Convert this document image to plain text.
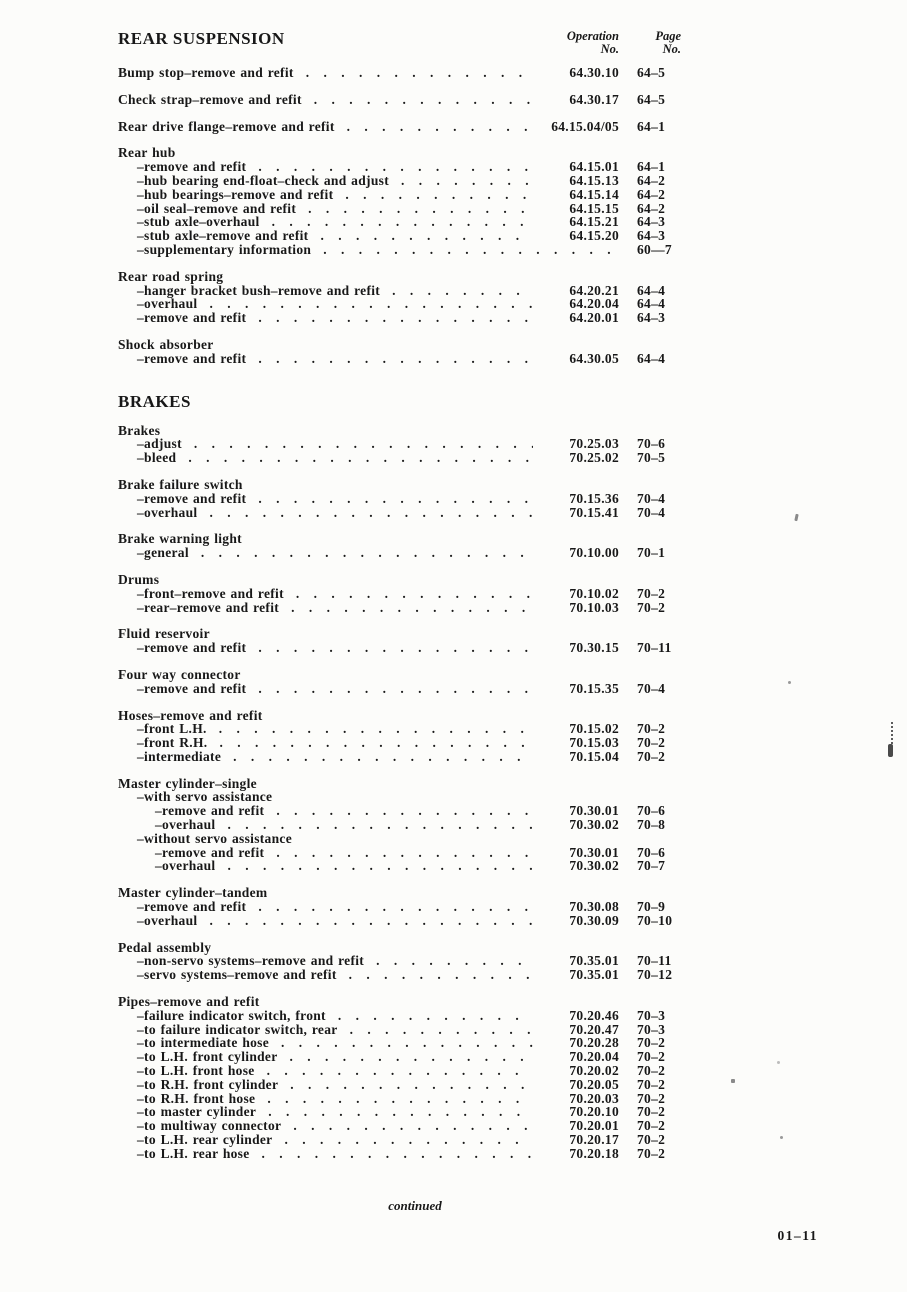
REAR SUSPENSION	Operation
No.
Page
No.
Bump stop–remove and refit . . .	64.30.10 64–5
Check strap–remove and refit . . .	64.30.17 64–5
Rear drive flange–remove and refit . . .	64.15.04/05 64–1
Rear hub
–remove and refit . . .	64.15.01 64–1
–hub bearing end-float–check and adjust . . .	64.15.13 64–2
–hub bearings–remove and refit . . .	64.15.14 64–2
–oil seal–remove and refit . . .	64.15.15 64–2
–stub axle–overhaul . . .	64.15.21 64–3
–stub axle–remove and refit . . .	64.15.20 64–3
–supplementary information . . .	60—7
Rear road spring
–hanger bracket bush–remove and refit . . .	64.20.21 64–4
–overhaul . . .	64.20.04 64–4
–remove and refit . . .	64.20.01 64–3
Shock absorber
–remove and refit . . .	64.30.05 64–4
BRAKES
Brakes
–adjust . . .	70.25.03 70–6
–bleed . . .	70.25.02 70–5
Brake failure switch
–remove and refit . . .	70.15.36 70–4
–overhaul . . .	70.15.41 70–4
Brake warning light
–general . . .	70.10.00 70–1
Drums
–front–remove and refit . . .	70.10.02 70–2
–rear–remove and refit . . .	70.10.03 70–2
Fluid reservoir
–remove and refit . . .	70.30.15 70–11
Four way connector
–remove and refit . . .	70.15.35 70–4
Hoses–remove and refit
–front L.H. . . .	70.15.02 70–2
–front R.H. . . .	70.15.03 70–2
–intermediate . . .	70.15.04 70–2
Master cylinder–single
–with servo assistance
–remove and refit . . .	70.30.01 70–6
–overhaul . . .	70.30.02 70–8
–without servo assistance
–remove and refit . . .	70.30.01 70–6
–overhaul . . .	70.30.02 70–7
Master cylinder–tandem
–remove and refit . . .	70.30.08 70–9
–overhaul . . .	70.30.09 70–10
Pedal assembly
–non-servo systems–remove and refit . . .	70.35.01 70–11
–servo systems–remove and refit . . .	70.35.01 70–12
Pipes–remove and refit
–failure indicator switch, front . . .	70.20.46 70–3
–to failure indicator switch, rear . . .	70.20.47 70–3
–to intermediate hose . . .	70.20.28 70–2
–to L.H. front cylinder . . .	70.20.04 70–2
–to L.H. front hose . . .	70.20.02 70–2
–to R.H. front cylinder . . .	70.20.05 70–2
–to R.H. front hose . . .	70.20.03 70–2
–to master cylinder . . .	70.20.10 70–2
–to multiway connector . . .	70.20.01 70–2
–to L.H. rear cylinder . . .	70.20.17 70–2
–to L.H. rear hose . . .	70.20.18 70–2
continued
01–11
